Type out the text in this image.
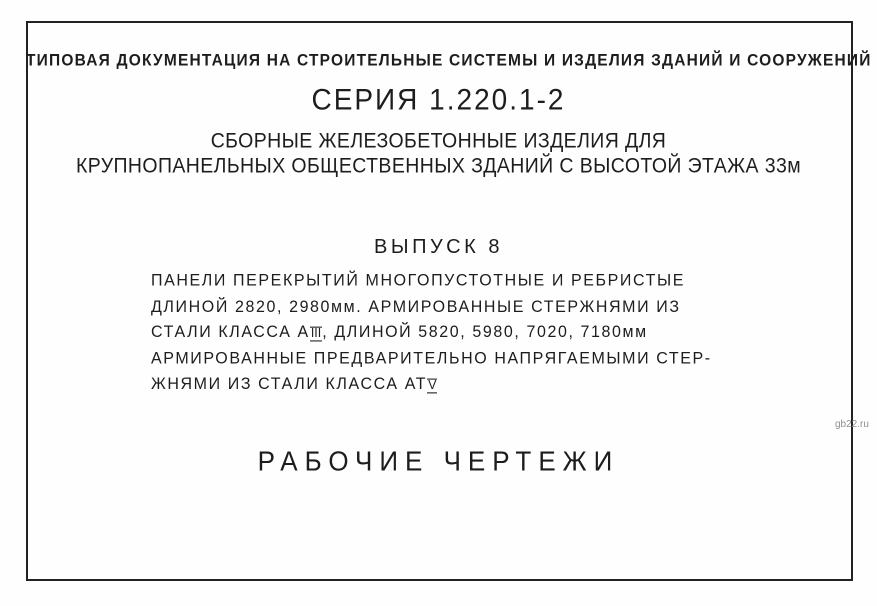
ТИПОВАЯ ДОКУМЕНТАЦИЯ НА СТРОИТЕЛЬНЫЕ СИСТЕМЫ И ИЗДЕЛИЯ ЗДАНИЙ И СООРУЖЕНИЙ
СЕРИЯ 1.220.1-2
СБОРНЫЕ ЖЕЛЕЗОБЕТОННЫЕ ИЗДЕЛИЯ ДЛЯ
КРУПНОПАНЕЛЬНЫХ ОБЩЕСТВЕННЫХ ЗДАНИЙ С ВЫСОТОЙ ЭТАЖА 33м
ВЫПУСК 8
ПАНЕЛИ ПЕРЕКРЫТИЙ МНОГОПУСТОТНЫЕ И РЕБРИСТЫЕ
ДЛИНОЙ 2820, 2980мм. АРМИРОВАННЫЕ СТЕРЖНЯМИ ИЗ
СТАЛИ КЛАССА АIII, ДЛИНОЙ 5820, 5980, 7020, 7180мм
АРМИРОВАННЫЕ ПРЕДВАРИТЕЛЬНО НАПРЯГАЕМЫМИ СТЕР-
ЖНЯМИ ИЗ СТАЛИ КЛАССА АТV
РАБОЧИЕ ЧЕРТЕЖИ
gb22.ru
